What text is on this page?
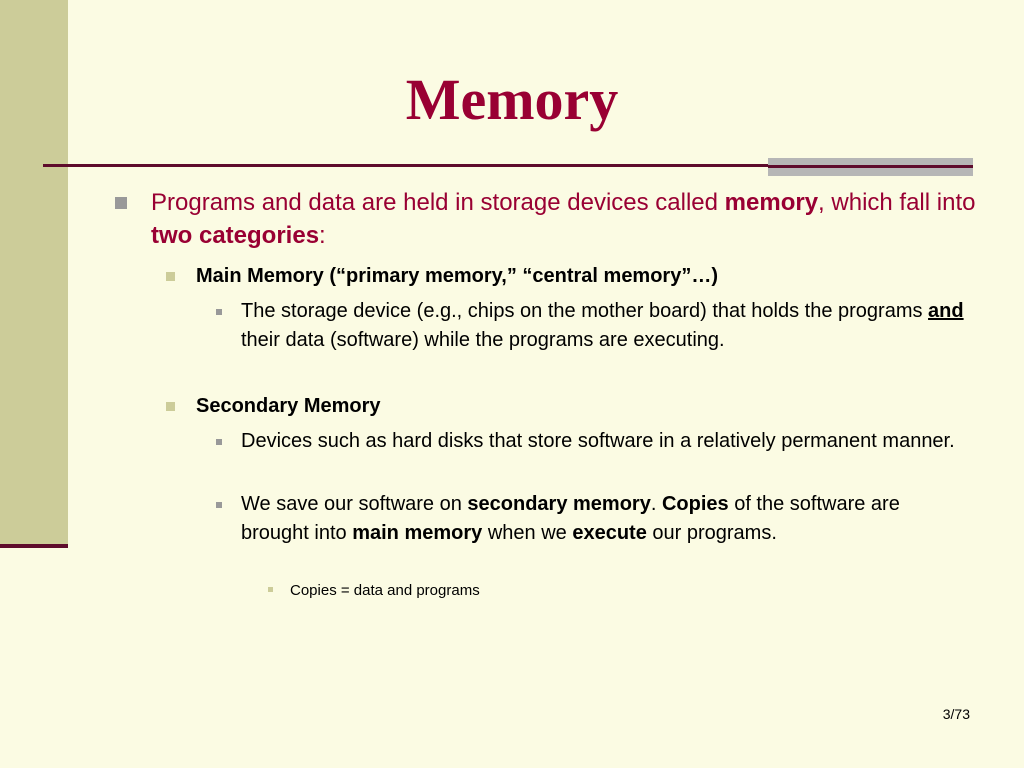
Memory
Programs and data are held in storage devices called memory, which fall into two categories:
Main Memory (“primary memory,” “central memory”…)
The storage device (e.g., chips on the mother board) that holds the programs and their data (software) while the programs are executing.
Secondary Memory
Devices such as hard disks that store software in a relatively permanent manner.
We save our software on secondary memory. Copies of the software are brought into main memory when we execute our programs.
Copies = data and programs
3/73
